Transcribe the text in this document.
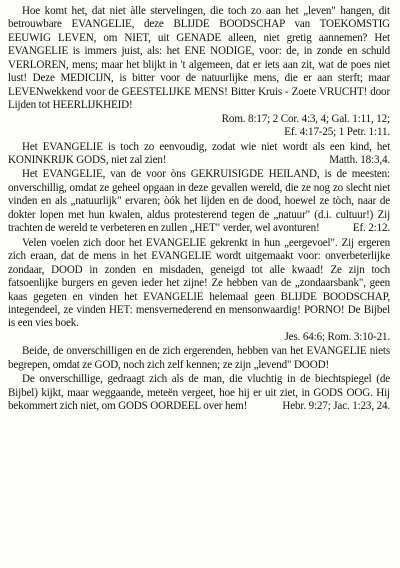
Hoe komt het, dat niet àlle stervelingen, die toch zo aan het „leven" hangen, dit betrouwbare EVANGELIE, deze BLIJDE BOODSCHAP van TOEKOMSTIG EEUWIG LEVEN, om NIET, uit GENADE alleen, niet gretig aannemen? Het EVANGELIE is immers juist, als: het ENE NODIGE, voor: de, in zonde en schuld VERLOREN, mens; maar het blijkt in 't algemeen, dat er iets aan zit, wat de poes niet lust! Deze MEDICIJN, is bitter voor de natuurlijke mens, die er aan sterft; maar LEVENwekkend voor de GEESTELIJKE MENS! Bitter Kruis - Zoete VRUCHT! door Lijden tot HEERLIJKHEID!
Rom. 8:17; 2 Cor. 4:3, 4; Gal. 1:11, 12;
Ef. 4:17-25; 1 Petr. 1:11.

Het EVANGELIE is toch zo eenvoudig, zodat wie niet wordt als een kind, het KONINKRIJK GODS, niet zal zien!	Matth. 18:3,4.

Het EVANGELIE, van de voor òns GEKRUISIGDE HEILAND, is de meesten: onverschillig, omdat ze geheel opgaan in deze gevallen wereld, die ze nog zo slecht niet vinden en als „natuurlijk" ervaren; òók het lijden en de dood, hoewel ze tòch, naar de dokter lopen met hun kwalen, aldus protesterend tegen de „natuur" (d.i. cultuur!) Zij trachten de wereld te verbeteren en zullen „HET" verder, wel avonturen!	Ef. 2:12.

Velen voelen zich door het EVANGELIE gekrenkt in hun „eergevoel". Zij ergeren zich eraan, dat de mens in het EVANGELIE wordt uitgemaakt voor: onverbeterlijke zondaar, DOOD in zonden en misdaden, geneigd tot alle kwaad! Ze zijn toch fatsoenlijke burgers en geven ieder het zijne! Ze hebben van de „zondaarsbank", geen kaas gegeten en vinden het EVANGELIE helemaal geen BLIJDE BOODSCHAP, integendeel, ze vinden HET: mensvernederend en mensonwaardig! PORNO! De Bijbel is een vies boek.
Jes. 64:6; Rom. 3:10-21.

Beide, de onverschilligen en de zich ergerenden, hebben van het EVANGELIE niets begrepen, omdat ze GOD, noch zich zelf kennen; ze zijn „levend" DOOD!

De onverschillige, gedraagt zich als de man, die vluchtig in de biechtspiegel (de Bijbel) kijkt, maar weggaande, meteën vergeet, hoe hij er uit ziet, in GODS OOG. Hij bekommert zich niet, om GODS OORDEEL over hem!	Hebr. 9:27; Jac. 1:23, 24.
